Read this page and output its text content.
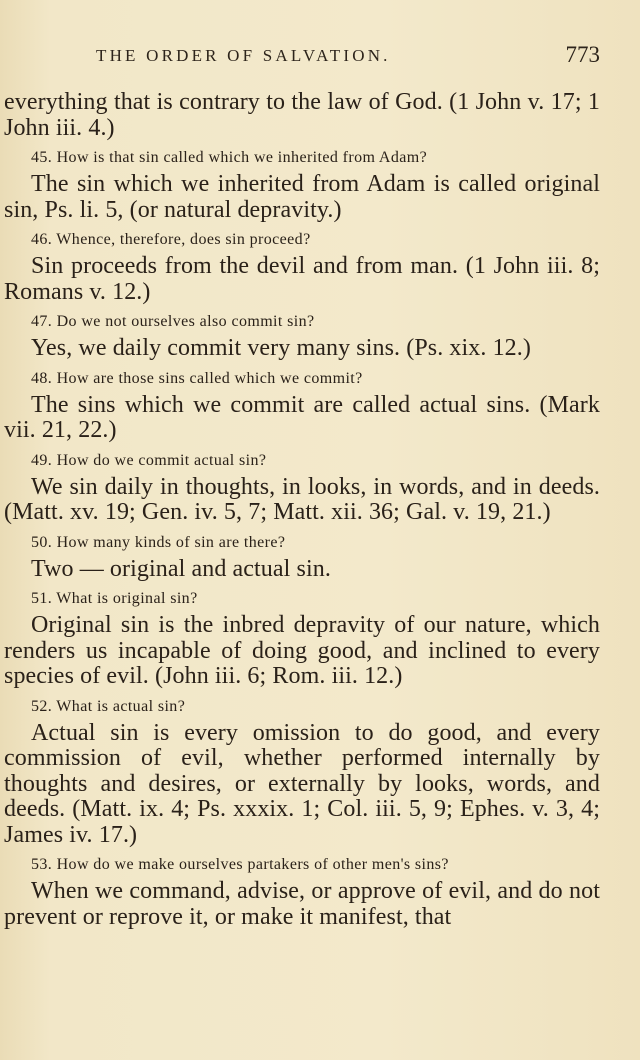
THE ORDER OF SALVATION.	773

everything that is contrary to the law of God. (1 John v. 17; 1 John iii. 4.)

45. How is that sin called which we inherited from Adam?

The sin which we inherited from Adam is called original sin, Ps. li. 5, (or natural depravity.)

46. Whence, therefore, does sin proceed?

Sin proceeds from the devil and from man. (1 John iii. 8; Romans v. 12.)

47. Do we not ourselves also commit sin?

Yes, we daily commit very many sins. (Ps. xix. 12.)

48. How are those sins called which we commit?

The sins which we commit are called actual sins. (Mark vii. 21, 22.)

49. How do we commit actual sin?

We sin daily in thoughts, in looks, in words, and in deeds. (Matt. xv. 19; Gen. iv. 5, 7; Matt. xii. 36; Gal. v. 19, 21.)

50. How many kinds of sin are there?

Two — original and actual sin.

51. What is original sin?

Original sin is the inbred depravity of our nature, which renders us incapable of doing good, and inclined to every species of evil. (John iii. 6; Rom. iii. 12.)

52. What is actual sin?

Actual sin is every omission to do good, and every commission of evil, whether performed internally by thoughts and desires, or externally by looks, words, and deeds. (Matt. ix. 4; Ps. xxxix. 1; Col. iii. 5, 9; Ephes. v. 3, 4; James iv. 17.)

53. How do we make ourselves partakers of other men's sins?

When we command, advise, or approve of evil, and do not prevent or reprove it, or make it manifest, that
